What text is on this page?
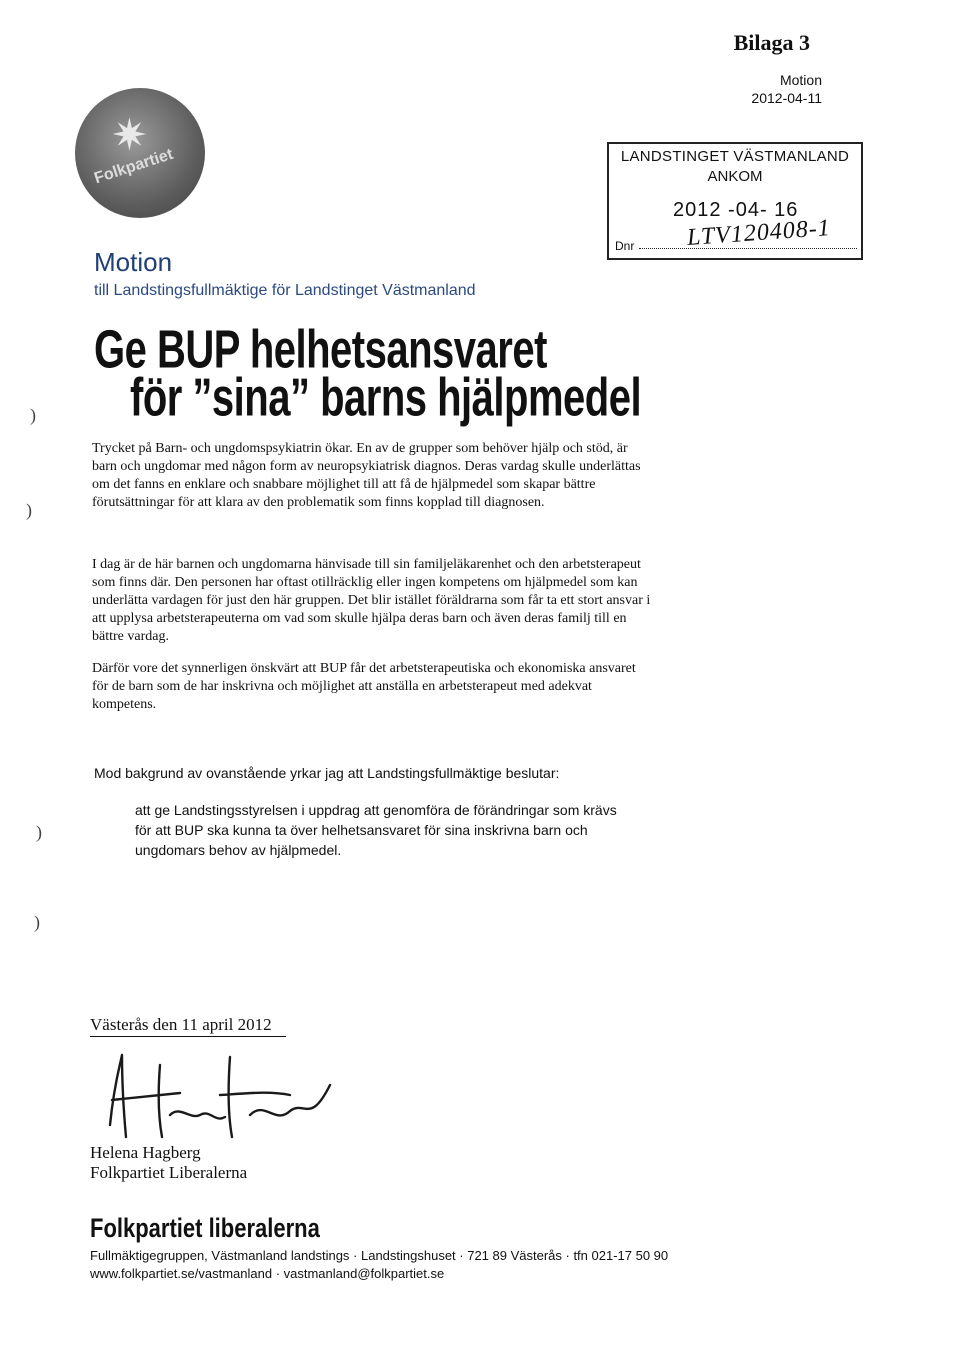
Bilaga 3
Motion
2012-04-11
LANDSTINGET VÄSTMANLAND
ANKOM
2012 -04- 16
Dnr LTV120408-1
✷
Folkpartiet
Motion
till Landstingsfullmäktige för Landstinget Västmanland
Ge BUP helhetsansvaret
för ”sina” barns hjälpmedel
Trycket på Barn- och ungdomspsykiatrin ökar. En av de grupper som behöver hjälp och stöd, är barn och ungdomar med någon form av neuropsykiatrisk diagnos. Deras vardag skulle underlättas om det fanns en enklare och snabbare möjlighet till att få de hjälpmedel som skapar bättre förutsättningar för att klara av den problematik som finns kopplad till diagnosen.
I dag är de här barnen och ungdomarna hänvisade till sin familjeläkarenhet och den arbetsterapeut som finns där. Den personen har oftast otillräcklig eller ingen kompetens om hjälpmedel som kan underlätta vardagen för just den här gruppen. Det blir istället föräldrarna som får ta ett stort ansvar i att upplysa arbetsterapeuterna om vad som skulle hjälpa deras barn och även deras familj till en bättre vardag.
Därför vore det synnerligen önskvärt att BUP får det arbetsterapeutiska och ekonomiska ansvaret för de barn som de har inskrivna och möjlighet att anställa en arbetsterapeut med adekvat kompetens.
Mod bakgrund av ovanstående yrkar jag att Landstingsfullmäktige beslutar:
att ge Landstingsstyrelsen i uppdrag att genomföra de förändringar som krävs för att BUP ska kunna ta över helhetsansvaret för sina inskrivna barn och ungdomars behov av hjälpmedel.
Västerås den 11 april 2012
Helena Hagberg
Folkpartiet Liberalerna
Folkpartiet liberalerna
Fullmäktigegruppen, Västmanland landstings · Landstingshuset · 721 89 Västerås · tfn 021-17 50 90
www.folkpartiet.se/vastmanland · vastmanland@folkpartiet.se
)
)
)
)
